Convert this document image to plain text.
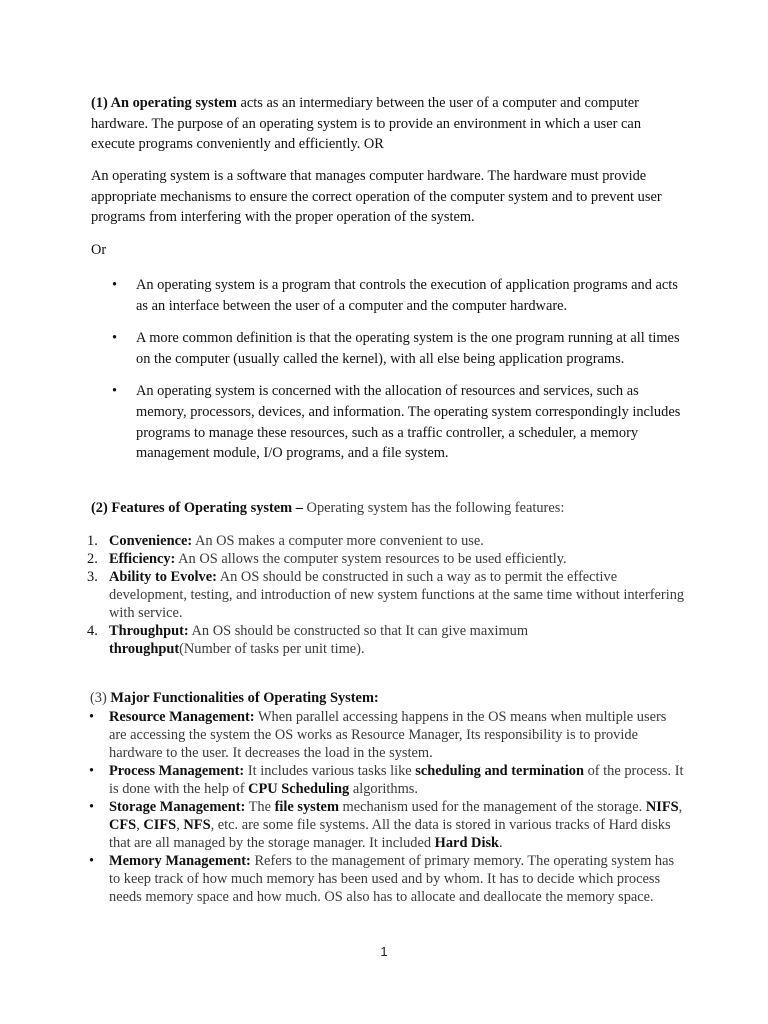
(1) An operating system acts as an intermediary between the user of a computer and computer hardware. The purpose of an operating system is to provide an environment in which a user can execute programs conveniently and efficiently. OR

An operating system is a software that manages computer hardware. The hardware must provide appropriate mechanisms to ensure the correct operation of the computer system and to prevent user programs from interfering with the proper operation of the system.

Or

• An operating system is a program that controls the execution of application programs and acts as an interface between the user of a computer and the computer hardware.
• A more common definition is that the operating system is the one program running at all times on the computer (usually called the kernel), with all else being application programs.
• An operating system is concerned with the allocation of resources and services, such as memory, processors, devices, and information. The operating system correspondingly includes programs to manage these resources, such as a traffic controller, a scheduler, a memory management module, I/O programs, and a file system.

(2) Features of Operating system – Operating system has the following features:

1. Convenience: An OS makes a computer more convenient to use.
2. Efficiency: An OS allows the computer system resources to be used efficiently.
3. Ability to Evolve: An OS should be constructed in such a way as to permit the effective development, testing, and introduction of new system functions at the same time without interfering with service.
4. Throughput: An OS should be constructed so that It can give maximum
throughput(Number of tasks per unit time).

(3) Major Functionalities of Operating System:

• Resource Management: When parallel accessing happens in the OS means when multiple users are accessing the system the OS works as Resource Manager, Its responsibility is to provide hardware to the user. It decreases the load in the system.
• Process Management: It includes various tasks like scheduling and termination of the process. It is done with the help of CPU Scheduling algorithms.
• Storage Management: The file system mechanism used for the management of the storage. NIFS, CFS, CIFS, NFS, etc. are some file systems. All the data is stored in various tracks of Hard disks that are all managed by the storage manager. It included Hard Disk.
• Memory Management: Refers to the management of primary memory. The operating system has to keep track of how much memory has been used and by whom. It has to decide which process needs memory space and how much. OS also has to allocate and deallocate the memory space.
1
